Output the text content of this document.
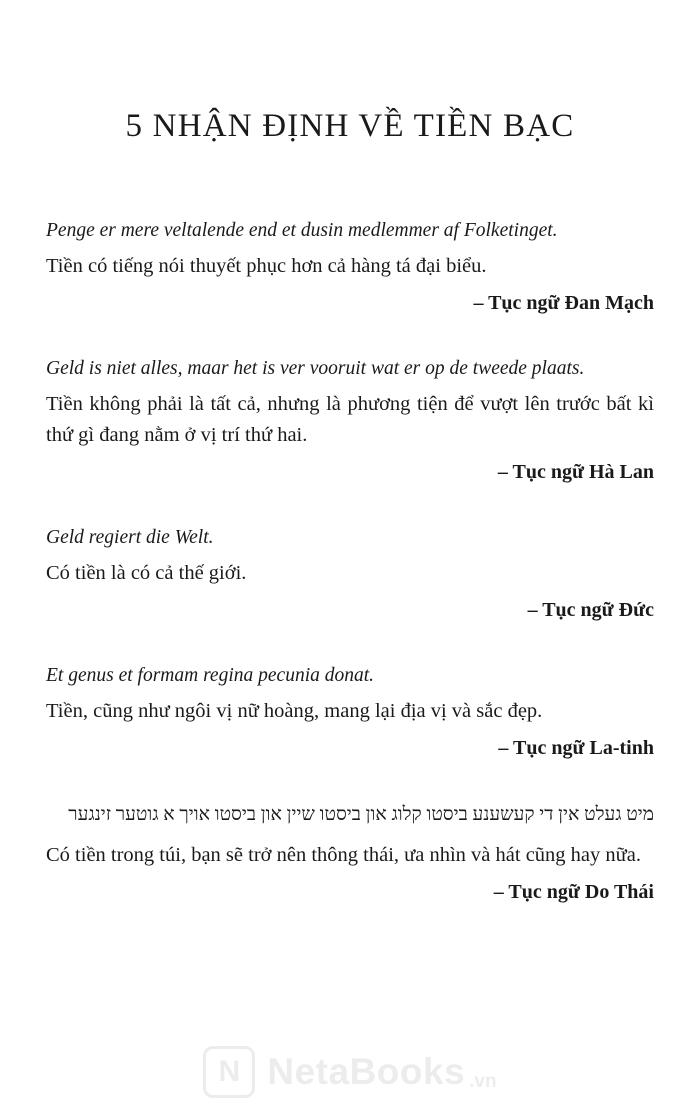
5 NHẬN ĐỊNH VỀ TIỀN BẠC

Penge er mere veltalende end et dusin medlemmer af Folketinget.

Tiền có tiếng nói thuyết phục hơn cả hàng tá đại biểu.

– Tục ngữ Đan Mạch

Geld is niet alles, maar het is ver vooruit wat er op de tweede plaats.

Tiền không phải là tất cả, nhưng là phương tiện để vượt lên trước bất kì thứ gì đang nằm ở vị trí thứ hai.

– Tục ngữ Hà Lan

Geld regiert die Welt.

Có tiền là có cả thế giới.

– Tục ngữ Đức

Et genus et formam regina pecunia donat.

Tiền, cũng như ngôi vị nữ hoàng, mang lại địa vị và sắc đẹp.

– Tục ngữ La-tinh

מיט געלט אין די קעשענע ביסטו קלוג און ביסטו שיין און ביסטו אויך א גוטער זינגער

Có tiền trong túi, bạn sẽ trở nên thông thái, ưa nhìn và hát cũng hay nữa.

– Tục ngữ Do Thái

N NetaBooks .vn
